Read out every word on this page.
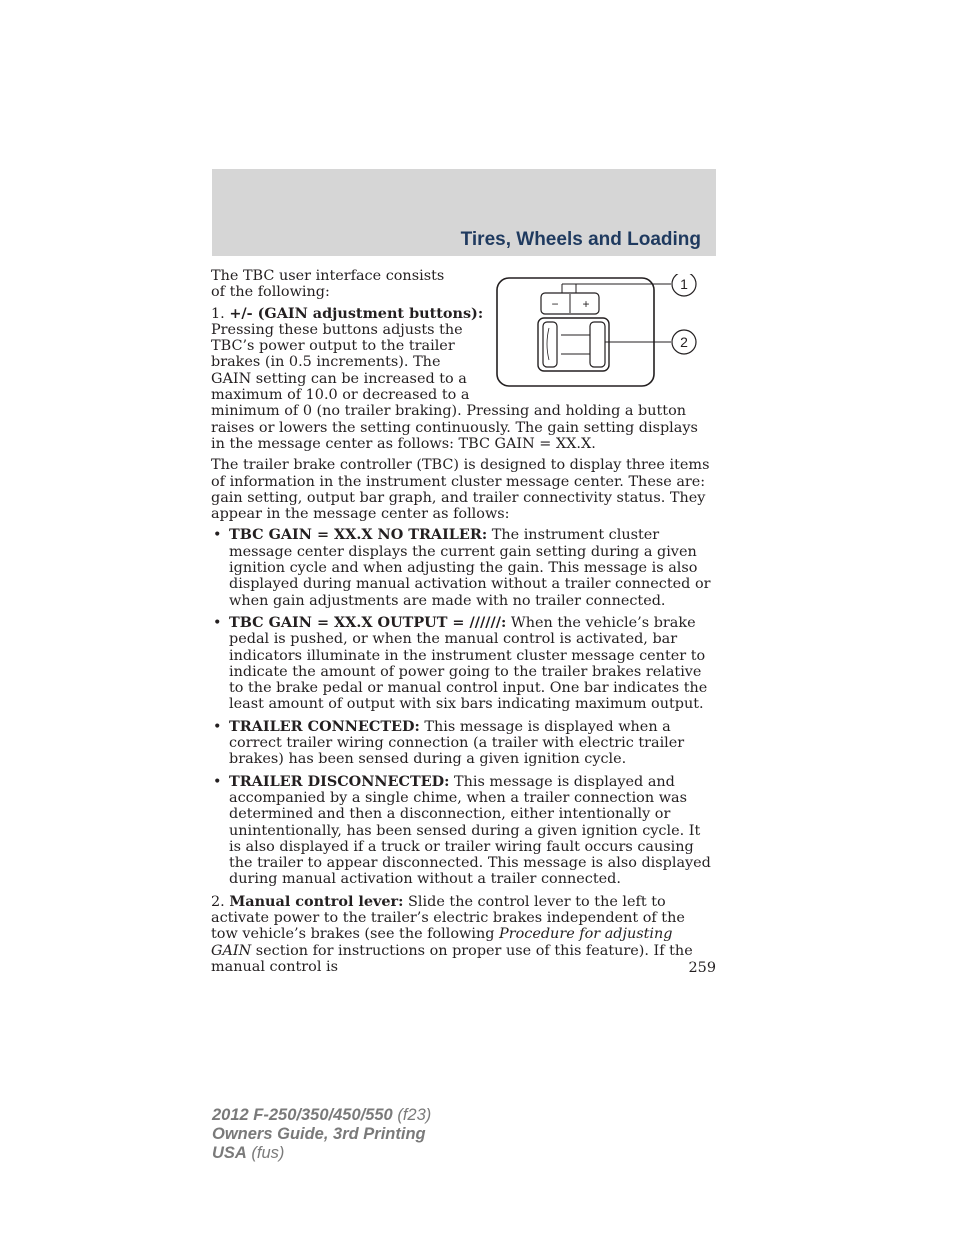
Tires, Wheels and Loading
− +
1
2

The TBC user interface consists of the following:

1. +/- (GAIN adjustment buttons): Pressing these buttons adjusts the TBC’s power output to the trailer brakes (in 0.5 increments). The GAIN setting can be increased to a maximum of 10.0 or decreased to a minimum of 0 (no trailer braking). Pressing and holding a button raises or lowers the setting continuously. The gain setting displays in the message center as follows: TBC GAIN = XX.X.

The trailer brake controller (TBC) is designed to display three items of information in the instrument cluster message center. These are: gain setting, output bar graph, and trailer connectivity status. They appear in the message center as follows:

• TBC GAIN = XX.X NO TRAILER: The instrument cluster message center displays the current gain setting during a given ignition cycle and when adjusting the gain. This message is also displayed during manual activation without a trailer connected or when gain adjustments are made with no trailer connected.
• TBC GAIN = XX.X OUTPUT = //////: When the vehicle’s brake pedal is pushed, or when the manual control is activated, bar indicators illuminate in the instrument cluster message center to indicate the amount of power going to the trailer brakes relative to the brake pedal or manual control input. One bar indicates the least amount of output with six bars indicating maximum output.
• TRAILER CONNECTED: This message is displayed when a correct trailer wiring connection (a trailer with electric trailer brakes) has been sensed during a given ignition cycle.
• TRAILER DISCONNECTED: This message is displayed and accompanied by a single chime, when a trailer connection was determined and then a disconnection, either intentionally or unintentionally, has been sensed during a given ignition cycle. It is also displayed if a truck or trailer wiring fault occurs causing the trailer to appear disconnected. This message is also displayed during manual activation without a trailer connected.

2. Manual control lever: Slide the control lever to the left to activate power to the trailer’s electric brakes independent of the tow vehicle’s brakes (see the following Procedure for adjusting GAIN section for instructions on proper use of this feature). If the manual control is	259
2012 F-250/350/450/550 (f23)
Owners Guide, 3rd Printing
USA (fus)
